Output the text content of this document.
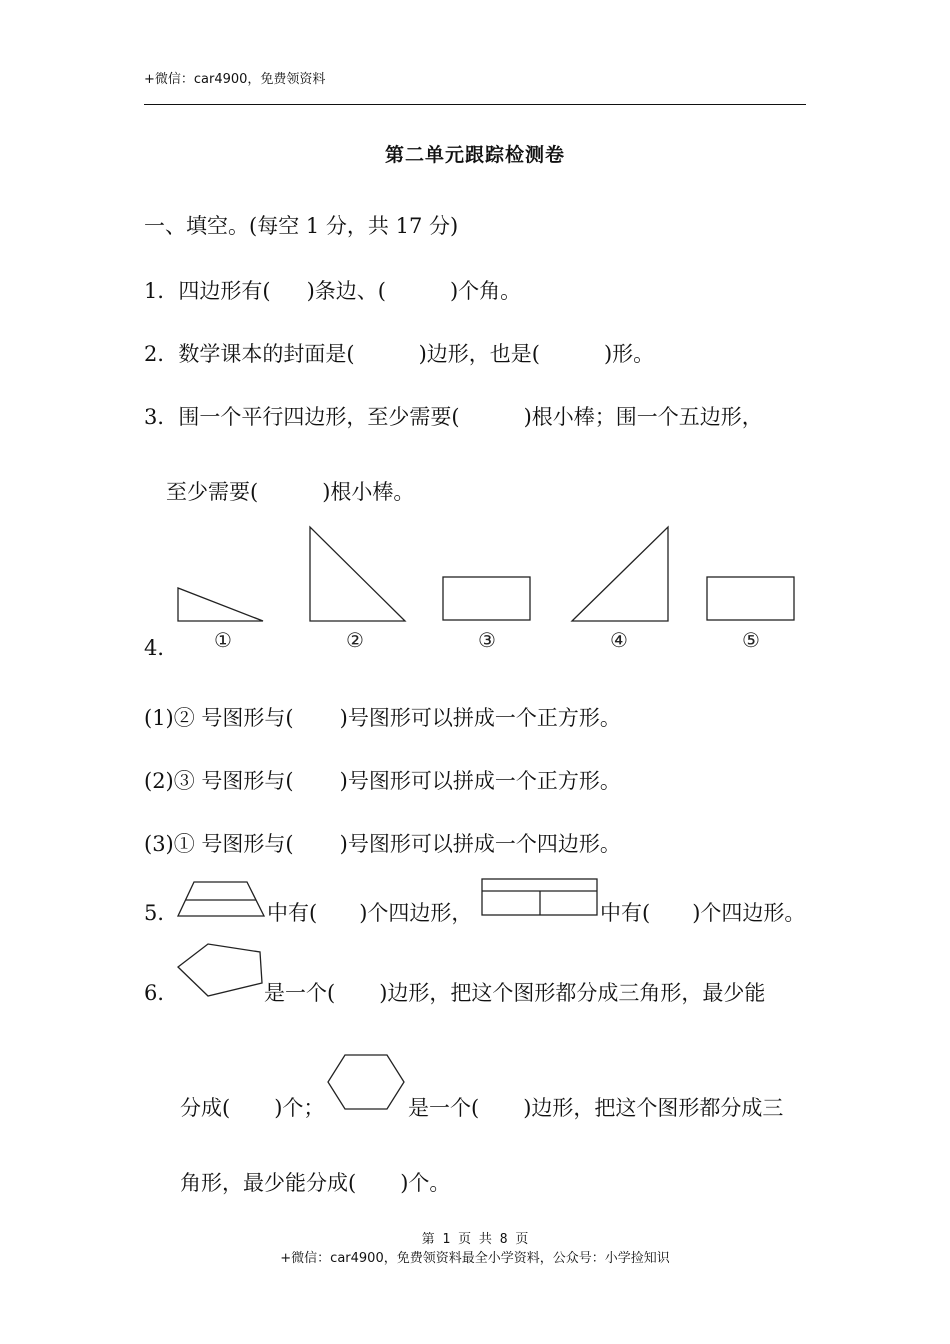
+微信：car4900，免费领资料
第二单元跟踪检测卷
一、填空。(每空 1 分，共 17 分)
1．四边形有( )条边、(	)个角。
2．数学课本的封面是(	)边形，也是(	)形。
3．围一个平行四边形，至少需要(	)根小棒；围一个五边形，
至少需要(	)根小棒。
4． ①	②	③	④	⑤
(1)② 号图形与( )号图形可以拼成一个正方形。
(2)③ 号图形与( )号图形可以拼成一个正方形。
(3)① 号图形与( )号图形可以拼成一个四边形。
5．	中有( )个四边形，	中有( )个四边形。
6．	是一个( )边形，把这个图形都分成三角形，最少能
分成( )个；	是一个( )边形，把这个图形都分成三
角形，最少能分成( )个。
第 1 页 共 8 页
+微信：car4900，免费领资料最全小学资料，公众号：小学捡知识
